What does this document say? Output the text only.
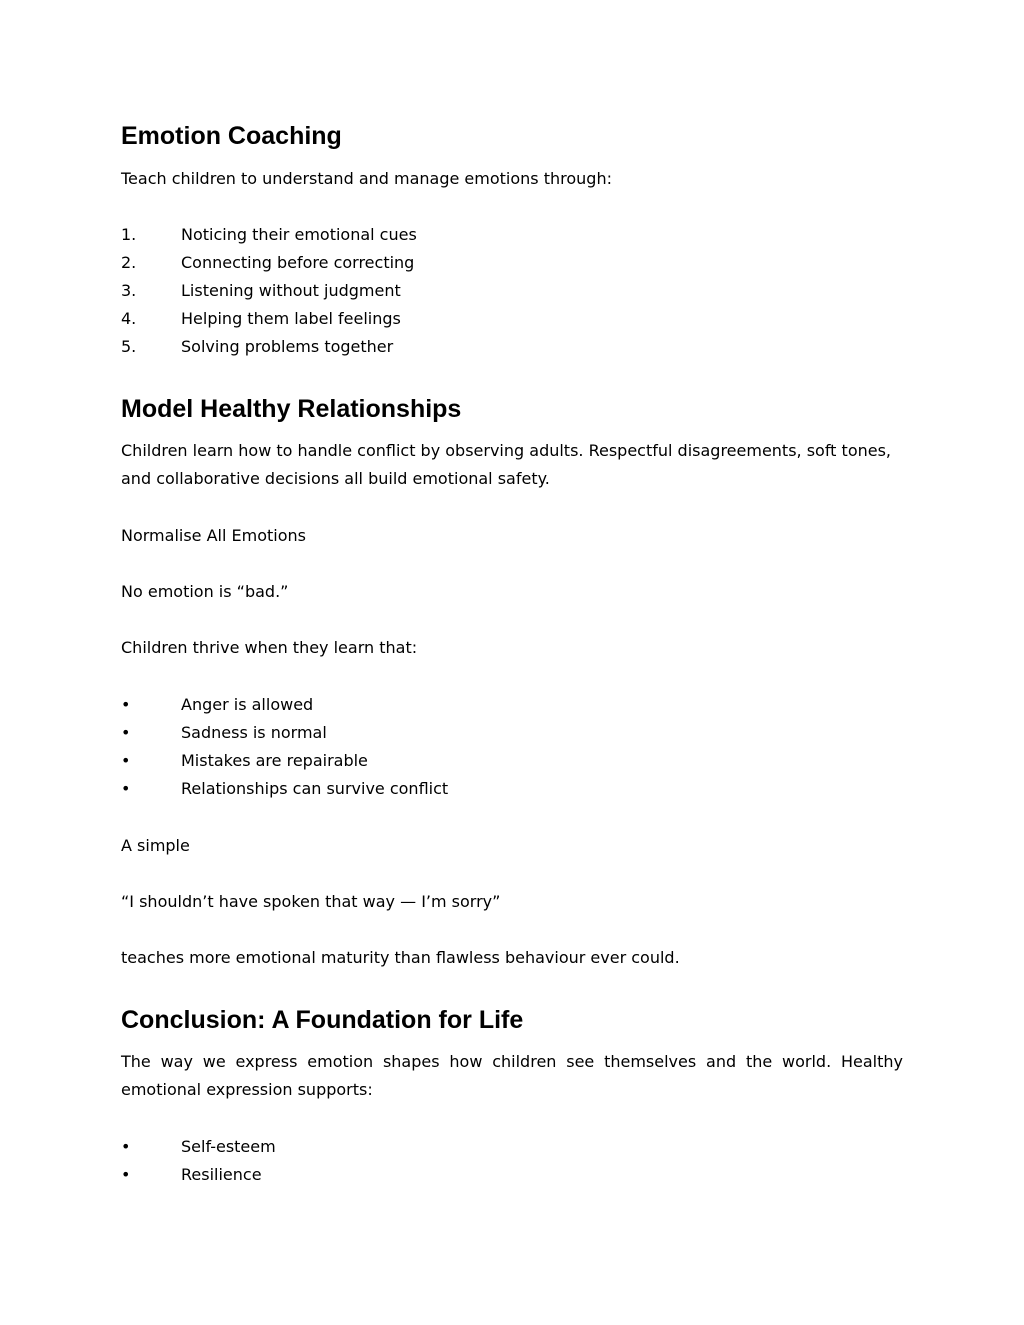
Emotion Coaching

Teach children to understand and manage emotions through:

1.	Noticing their emotional cues
2.	Connecting before correcting
3.	Listening without judgment
4.	Helping them label feelings
5.	Solving problems together
Model Healthy Relationships

Children learn how to handle conflict by observing adults. Respectful disagreements, soft tones, and collaborative decisions all build emotional safety.

Normalise All Emotions

No emotion is “bad.”

Children thrive when they learn that:

•	Anger is allowed
•	Sadness is normal
•	Mistakes are repairable
•	Relationships can survive conflict

A simple

“I shouldn’t have spoken that way — I’m sorry”

teaches more emotional maturity than flawless behaviour ever could.

Conclusion: A Foundation for Life

The way we express emotion shapes how children see themselves and the world. Healthy emotional expression supports:

•	Self-esteem
•	Resilience
